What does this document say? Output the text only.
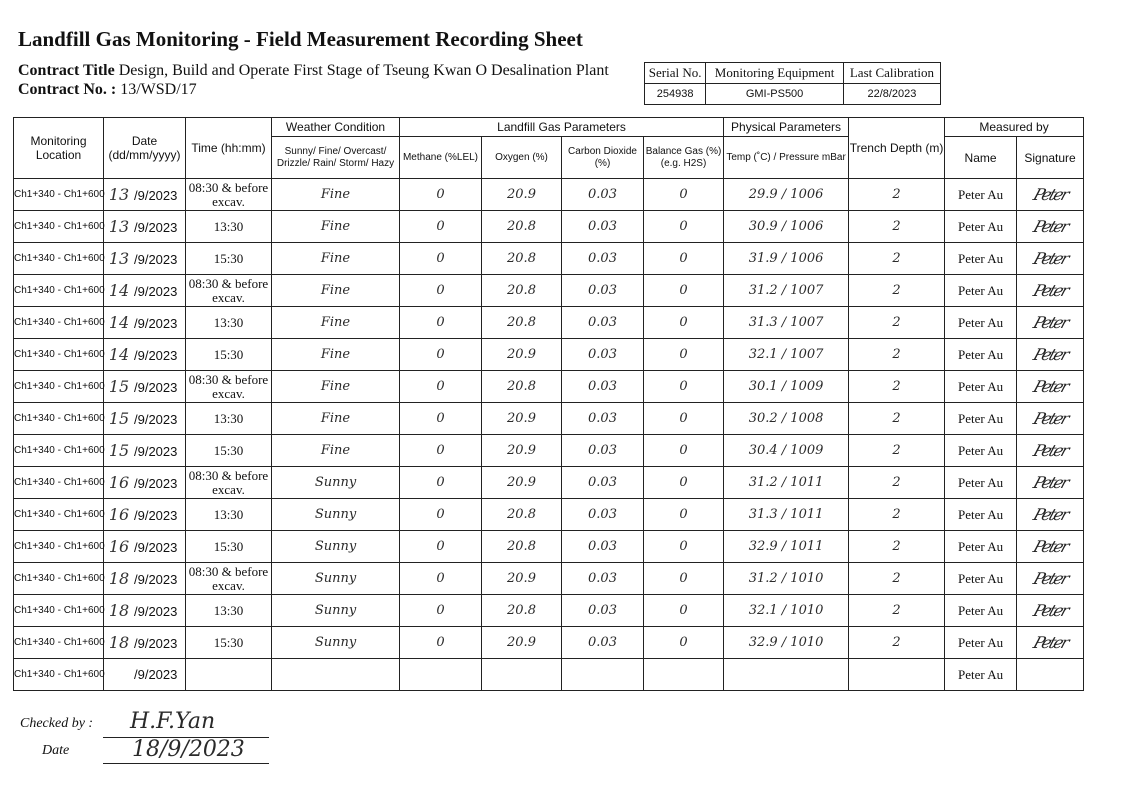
Landfill Gas Monitoring - Field Measurement Recording Sheet
Contract Title Design, Build and Operate First Stage of Tseung Kwan O Desalination Plant
Contract No. : 13/WSD/17
Serial No.	Monitoring Equipment	Last Calibration
254938	GMI-PS500	22/8/2023
Monitoring Location	Date (dd/mm/yyyy)	Time (hh:mm)	Weather Condition	Landfill Gas Parameters				Physical Parameters	Trench Depth (m)	Measured by	
			Sunny/ Fine/ Overcast/ Drizzle/ Rain/ Storm/ Hazy	Methane (%LEL)	Oxygen (%)	Carbon Dioxide (%)	Balance Gas (%) (e.g. H2S)	Temp (˚C) / Pressure mBar		Name	Signature
Ch1+340 - Ch1+600	13 /9/2023	08:30 & before excav.	Fine	0	20.9	0.03	0	29.9 / 1006	2	Peter Au	Peter
Ch1+340 - Ch1+600	13 /9/2023	13:30	Fine	0	20.8	0.03	0	30.9 / 1006	2	Peter Au	Peter
Ch1+340 - Ch1+600	13 /9/2023	15:30	Fine	0	20.8	0.03	0	31.9 / 1006	2	Peter Au	Peter
Ch1+340 - Ch1+600	14 /9/2023	08:30 & before excav.	Fine	0	20.8	0.03	0	31.2 / 1007	2	Peter Au	Peter
Ch1+340 - Ch1+600	14 /9/2023	13:30	Fine	0	20.8	0.03	0	31.3 / 1007	2	Peter Au	Peter
Ch1+340 - Ch1+600	14 /9/2023	15:30	Fine	0	20.9	0.03	0	32.1 / 1007	2	Peter Au	Peter
Ch1+340 - Ch1+600	15 /9/2023	08:30 & before excav.	Fine	0	20.8	0.03	0	30.1 / 1009	2	Peter Au	Peter
Ch1+340 - Ch1+600	15 /9/2023	13:30	Fine	0	20.9	0.03	0	30.2 / 1008	2	Peter Au	Peter
Ch1+340 - Ch1+600	15 /9/2023	15:30	Fine	0	20.9	0.03	0	30.4 / 1009	2	Peter Au	Peter
Ch1+340 - Ch1+600	16 /9/2023	08:30 & before excav.	Sunny	0	20.9	0.03	0	31.2 / 1011	2	Peter Au	Peter
Ch1+340 - Ch1+600	16 /9/2023	13:30	Sunny	0	20.8	0.03	0	31.3 / 1011	2	Peter Au	Peter
Ch1+340 - Ch1+600	16 /9/2023	15:30	Sunny	0	20.8	0.03	0	32.9 / 1011	2	Peter Au	Peter
Ch1+340 - Ch1+600	18 /9/2023	08:30 & before excav.	Sunny	0	20.9	0.03	0	31.2 / 1010	2	Peter Au	Peter
Ch1+340 - Ch1+600	18 /9/2023	13:30	Sunny	0	20.8	0.03	0	32.1 / 1010	2	Peter Au	Peter
Ch1+340 - Ch1+600	18 /9/2023	15:30	Sunny	0	20.9	0.03	0	32.9 / 1010	2	Peter Au	Peter
Ch1+340 - Ch1+600	/9/2023									Peter Au	
Checked by : H.F.Yan
Date	18/9/2023
